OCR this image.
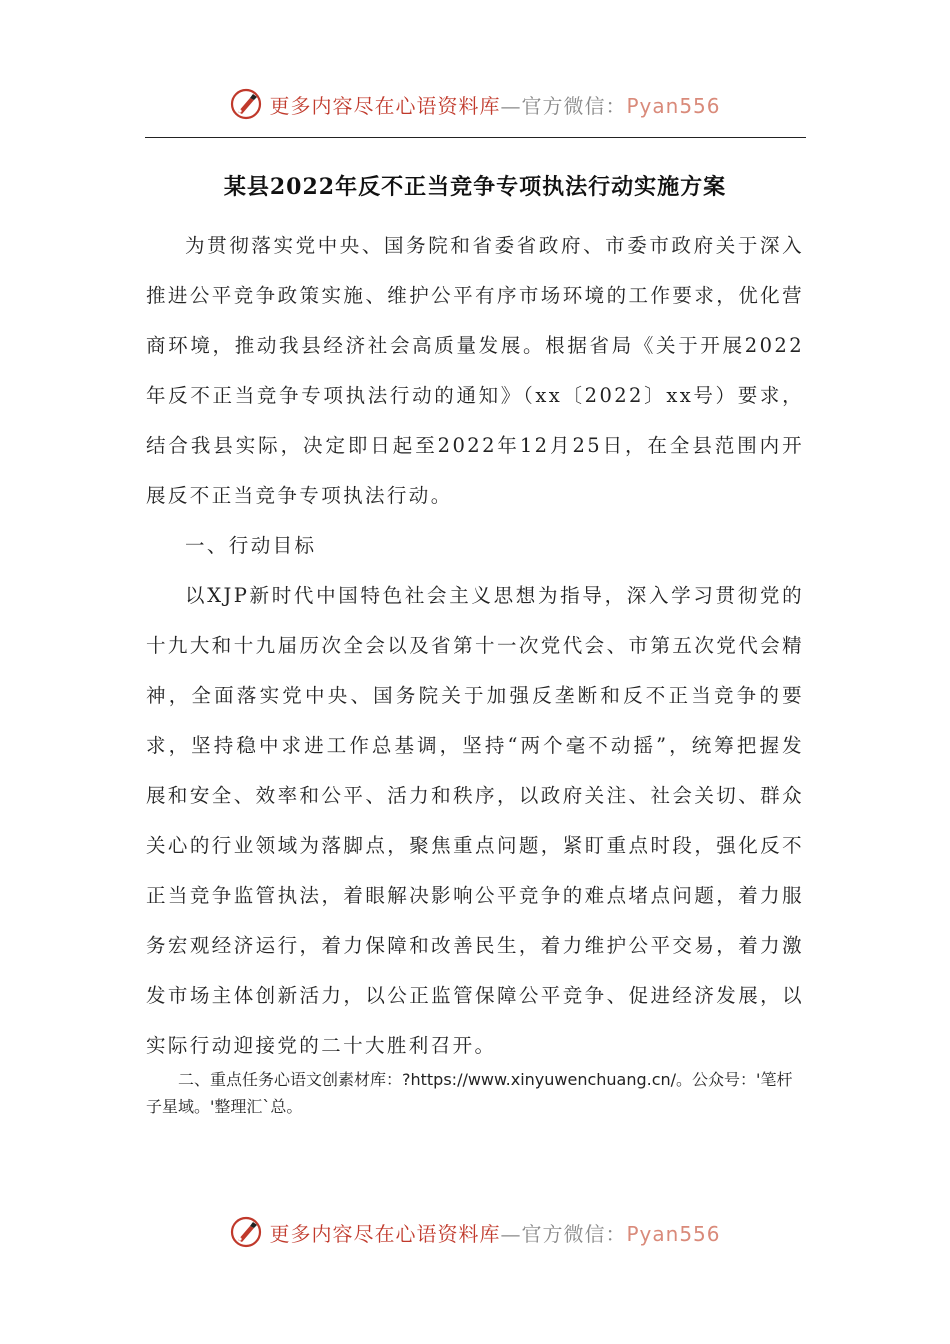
更多内容尽在心语资料库—官方微信：Pyan556
某县2022年反不正当竞争专项执法行动实施方案

为贯彻落实党中央、国务院和省委省政府、市委市政府关于深入推进公平竞争政策实施、维护公平有序市场环境的工作要求，优化营商环境，推动我县经济社会高质量发展。根据省局《关于开展2022年反不正当竞争专项执法行动的通知》（xx〔2022〕xx号）要求，结合我县实际，决定即日起至2022年12月25日，在全县范围内开展反不正当竞争专项执法行动。

一、行动目标

以XJP新时代中国特色社会主义思想为指导，深入学习贯彻党的十九大和十九届历次全会以及省第十一次党代会、市第五次党代会精神，全面落实党中央、国务院关于加强反垄断和反不正当竞争的要求，坚持稳中求进工作总基调，坚持“两个毫不动摇”，统筹把握发展和安全、效率和公平、活力和秩序，以政府关注、社会关切、群众关心的行业领域为落脚点，聚焦重点问题，紧盯重点时段，强化反不正当竞争监管执法，着眼解决影响公平竞争的难点堵点问题，着力服务宏观经济运行，着力保障和改善民生，着力维护公平交易，着力激发市场主体创新活力，以公正监管保障公平竞争、促进经济发展，以实际行动迎接党的二十大胜利召开。

二、重点任务心语文创素材库：?https://www.xinyuwenchuang.cn/。公众号：'笔杆子星域。'整理汇`总。
更多内容尽在心语资料库—官方微信：Pyan556
